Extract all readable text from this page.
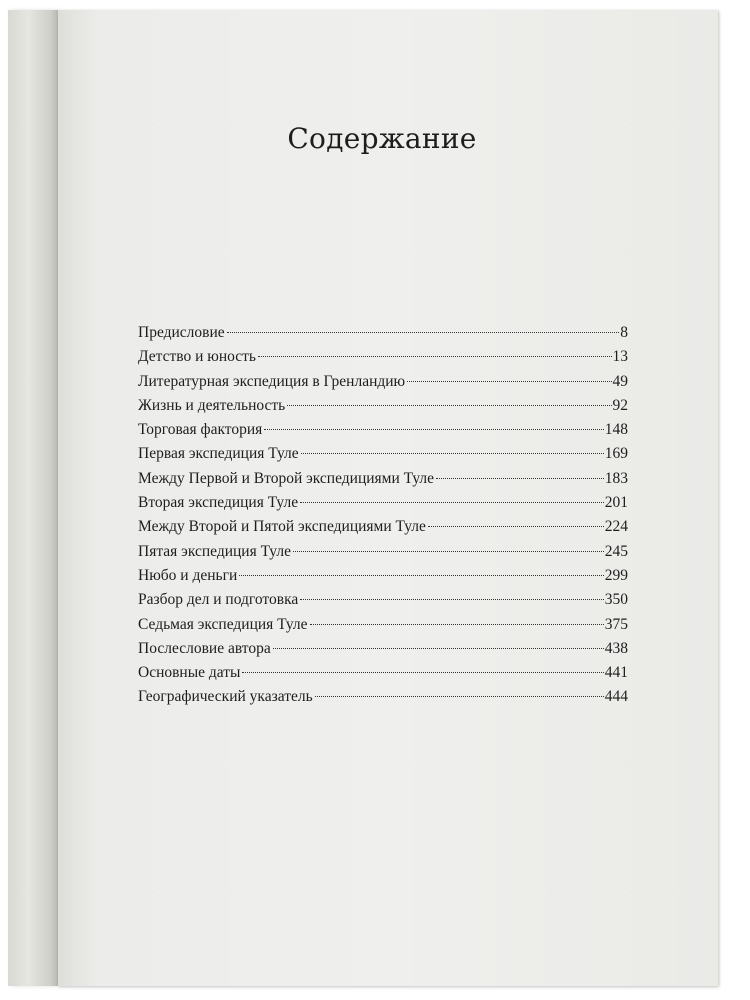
Содержание
Предисловие	8
Детство и юность	13
Литературная экспедиция в Гренландию	49
Жизнь и деятельность	92
Торговая фактория	148
Первая экспедиция Туле	169
Между Первой и Второй экспедициями Туле	183
Вторая экспедиция Туле	201
Между Второй и Пятой экспедициями Туле	224
Пятая экспедиция Туле	245
Нюбо и деньги	299
Разбор дел и подготовка	350
Седьмая экспедиция Туле	375
Послесловие автора	438
Основные даты	441
Географический указатель	444
